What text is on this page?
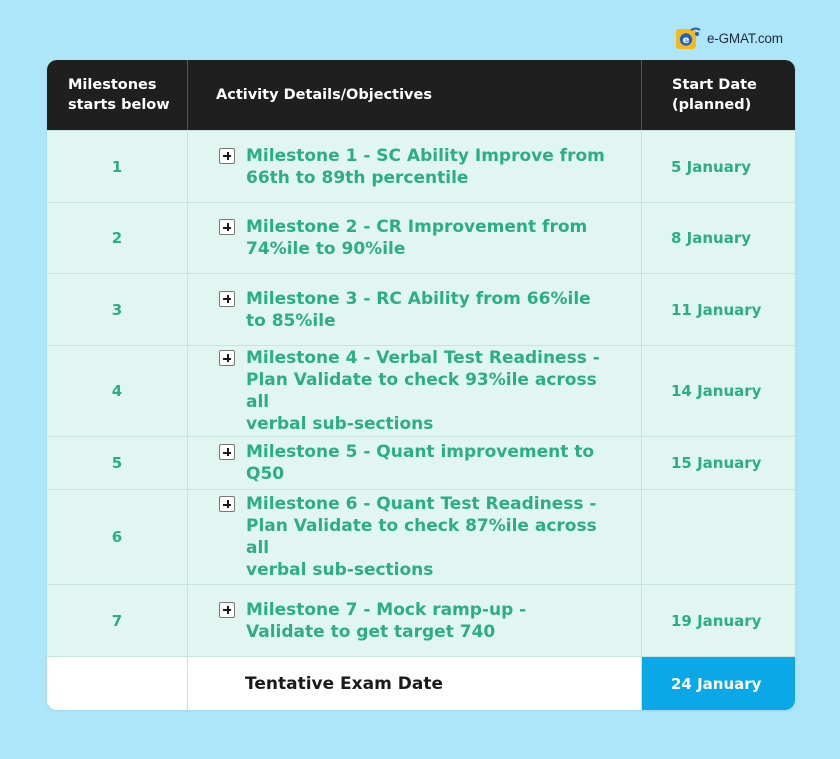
e e-GMAT.com
Milestones starts below
Activity Details/Objectives
Start Date (planned)
1
Milestone 1 - SC Ability Improve from
66th to 89th percentile
5 January
2
Milestone 2 - CR Improvement from
74%ile to 90%ile
8 January
3
Milestone 3 - RC Ability from 66%ile
to 85%ile
11 January
4
Milestone 4 - Verbal Test Readiness -
Plan Validate to check 93%ile across all
verbal sub-sections
14 January
5
Milestone 5 - Quant improvement to Q50
15 January
6
Milestone 6 - Quant Test Readiness -
Plan Validate to check 87%ile across all
verbal sub-sections
7
Milestone 7 - Mock ramp-up -
Validate to get target 740
19 January
Tentative Exam Date	24 January
